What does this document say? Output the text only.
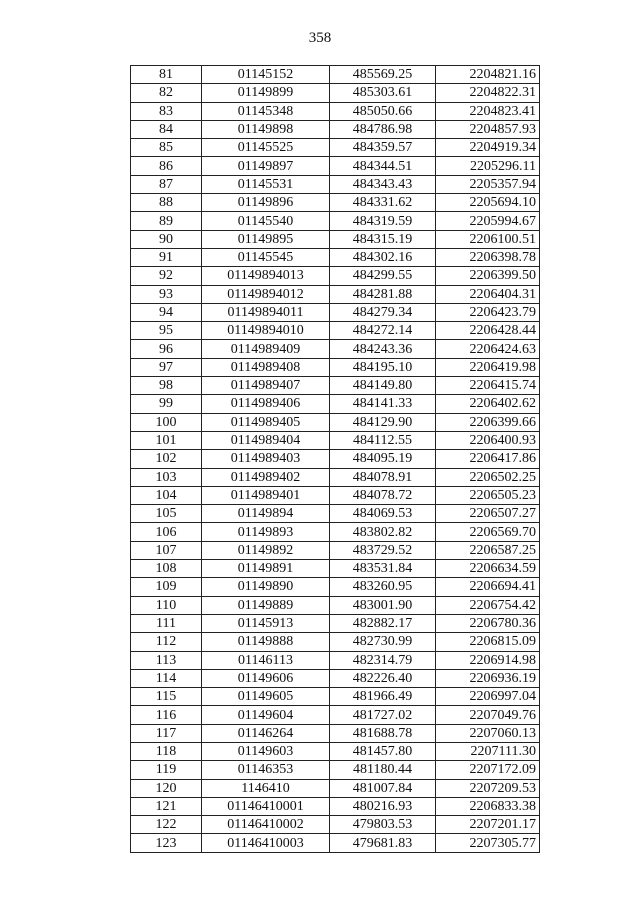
358
81	01145152	485569.25	2204821.16
82	01149899	485303.61	2204822.31
83	01145348	485050.66	2204823.41
84	01149898	484786.98	2204857.93
85	01145525	484359.57	2204919.34
86	01149897	484344.51	2205296.11
87	01145531	484343.43	2205357.94
88	01149896	484331.62	2205694.10
89	01145540	484319.59	2205994.67
90	01149895	484315.19	2206100.51
91	01145545	484302.16	2206398.78
92	01149894013	484299.55	2206399.50
93	01149894012	484281.88	2206404.31
94	01149894011	484279.34	2206423.79
95	01149894010	484272.14	2206428.44
96	0114989409	484243.36	2206424.63
97	0114989408	484195.10	2206419.98
98	0114989407	484149.80	2206415.74
99	0114989406	484141.33	2206402.62
100	0114989405	484129.90	2206399.66
101	0114989404	484112.55	2206400.93
102	0114989403	484095.19	2206417.86
103	0114989402	484078.91	2206502.25
104	0114989401	484078.72	2206505.23
105	01149894	484069.53	2206507.27
106	01149893	483802.82	2206569.70
107	01149892	483729.52	2206587.25
108	01149891	483531.84	2206634.59
109	01149890	483260.95	2206694.41
110	01149889	483001.90	2206754.42
111	01145913	482882.17	2206780.36
112	01149888	482730.99	2206815.09
113	01146113	482314.79	2206914.98
114	01149606	482226.40	2206936.19
115	01149605	481966.49	2206997.04
116	01149604	481727.02	2207049.76
117	01146264	481688.78	2207060.13
118	01149603	481457.80	2207111.30
119	01146353	481180.44	2207172.09
120	1146410	481007.84	2207209.53
121	01146410001	480216.93	2206833.38
122	01146410002	479803.53	2207201.17
123	01146410003	479681.83	2207305.77
